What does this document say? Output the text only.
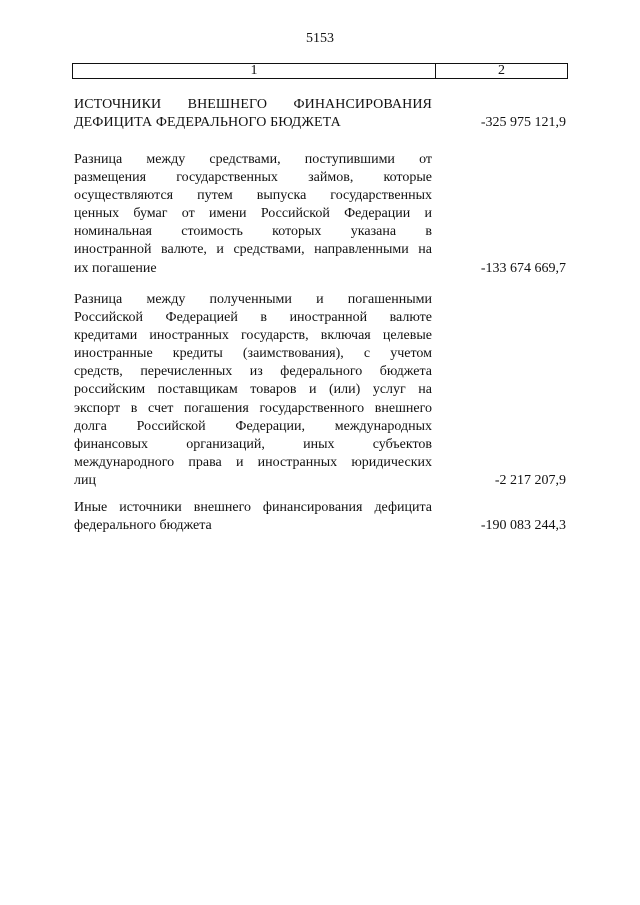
5153
1	2
ИСТОЧНИКИ ВНЕШНЕГО ФИНАНСИРОВАНИЯ
ДЕФИЦИТА ФЕДЕРАЛЬНОГО БЮДЖЕТА	-325 975 121,9
Разница между средствами, поступившими от
размещения государственных займов, которые
осуществляются путем выпуска государственных
ценных бумаг от имени Российской Федерации и
номинальная стоимость которых указана в
иностранной валюте, и средствами, направленными на
их погашение	-133 674 669,7
Разница между полученными и погашенными
Российской Федерацией в иностранной валюте
кредитами иностранных государств, включая целевые
иностранные кредиты (заимствования), с учетом
средств, перечисленных из федерального бюджета
российским поставщикам товаров и (или) услуг на
экспорт в счет погашения государственного внешнего
долга Российской Федерации, международных
финансовых организаций, иных субъектов
международного права и иностранных юридических
лиц	-2 217 207,9
Иные источники внешнего финансирования дефицита
федерального бюджета	-190 083 244,3
